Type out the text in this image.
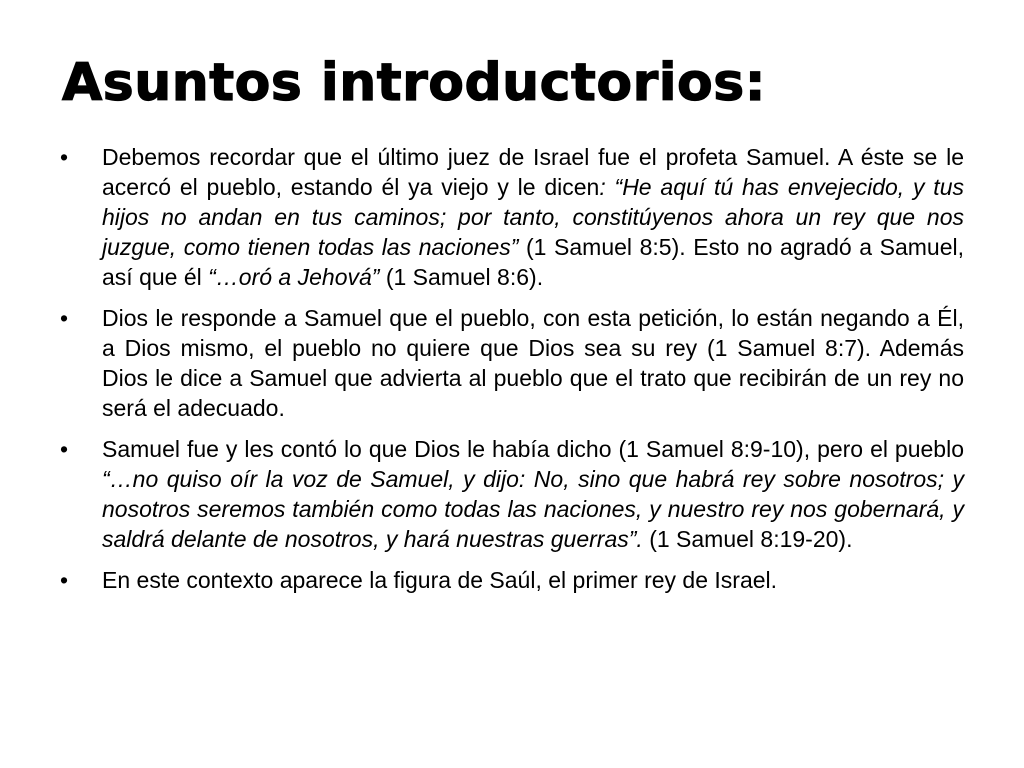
Asuntos introductorios:
•	Debemos recordar que el último juez de Israel fue el profeta Samuel. A éste se le acercó el pueblo, estando él ya viejo y le dicen: “He aquí tú has envejecido, y tus hijos no andan en tus caminos; por tanto, constitúyenos ahora un rey que nos juzgue, como tienen todas las naciones” (1 Samuel 8:5). Esto no agradó a Samuel, así que él “…oró a Jehová” (1 Samuel 8:6).
•	Dios le responde a Samuel que el pueblo, con esta petición, lo están negando a Él, a Dios mismo, el pueblo no quiere que Dios sea su rey (1 Samuel 8:7). Además Dios le dice a Samuel que advierta al pueblo que el trato que recibirán de un rey no será el adecuado.
•	Samuel fue y les contó lo que Dios le había dicho (1 Samuel 8:9-10), pero el pueblo “…no quiso oír la voz de Samuel, y dijo: No, sino que habrá rey sobre nosotros; y nosotros seremos también como todas las naciones, y nuestro rey nos gobernará, y saldrá delante de nosotros, y hará nuestras guerras”. (1 Samuel 8:19-20).
•	En este contexto aparece la figura de Saúl, el primer rey de Israel.
